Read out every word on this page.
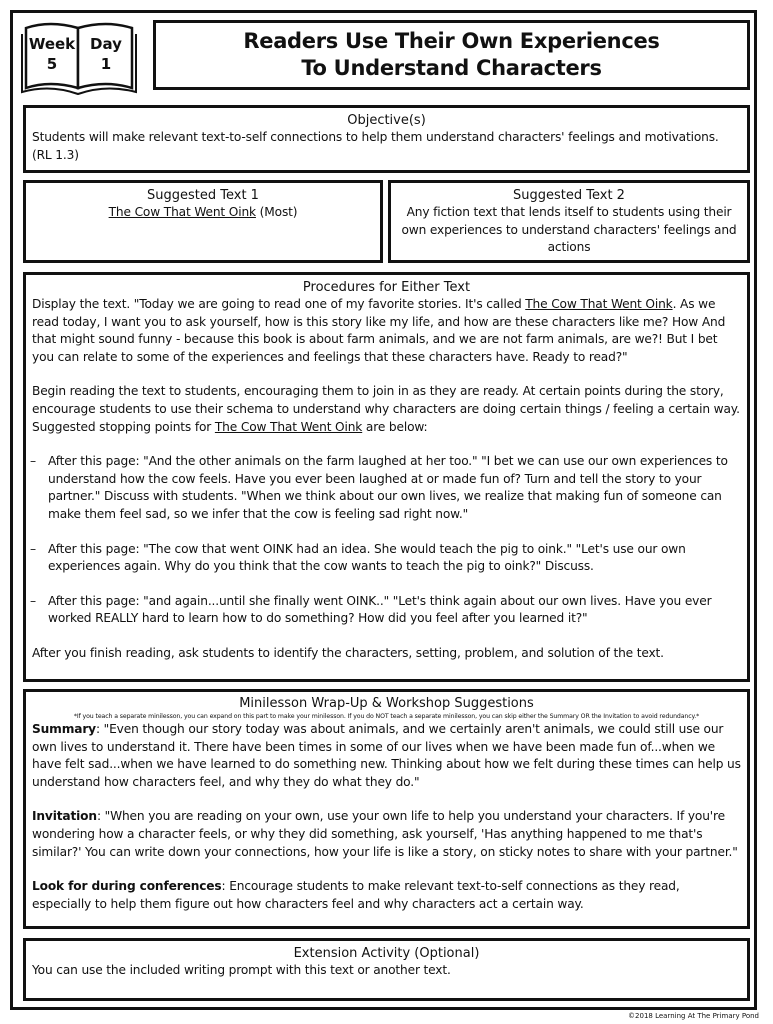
Week
5
Day
1
Readers Use Their Own Experiences
To Understand Characters
Objective(s)
Students will make relevant text-to-self connections to help them understand characters' feelings and motivations. (RL 1.3)
Suggested Text 1
The Cow That Went Oink (Most)
Suggested Text 2
Any fiction text that lends itself to students using their own experiences to understand characters' feelings and actions
Procedures for Either Text
Display the text. "Today we are going to read one of my favorite stories. It's called The Cow That Went Oink. As we read today, I want you to ask yourself, how is this story like my life, and how are these characters like me? How And that might sound funny - because this book is about farm animals, and we are not farm animals, are we?! But I bet you can relate to some of the experiences and feelings that these characters have. Ready to read?"
Begin reading the text to students, encouraging them to join in as they are ready. At certain points during the story, encourage students to use their schema to understand why characters are doing certain things / feeling a certain way. Suggested stopping points for The Cow That Went Oink are below:
– After this page: "And the other animals on the farm laughed at her too." "I bet we can use our own experiences to understand how the cow feels. Have you ever been laughed at or made fun of? Turn and tell the story to your partner." Discuss with students. "When we think about our own lives, we realize that making fun of someone can make them feel sad, so we infer that the cow is feeling sad right now."
– After this page: "The cow that went OINK had an idea. She would teach the pig to oink." "Let's use our own experiences again. Why do you think that the cow wants to teach the pig to oink?" Discuss.
– After this page: "and again...until she finally went OINK.." "Let's think again about our own lives. Have you ever worked REALLY hard to learn how to do something? How did you feel after you learned it?"
After you finish reading, ask students to identify the characters, setting, problem, and solution of the text.
Minilesson Wrap-Up & Workshop Suggestions
*If you teach a separate minilesson, you can expand on this part to make your minilesson. If you do NOT teach a separate minilesson, you can skip either the Summary OR the Invitation to avoid redundancy.*
Summary: "Even though our story today was about animals, and we certainly aren't animals, we could still use our own lives to understand it. There have been times in some of our lives when we have been made fun of...when we have felt sad...when we have learned to do something new. Thinking about how we felt during these times can help us understand how characters feel, and why they do what they do."
Invitation: "When you are reading on your own, use your own life to help you understand your characters. If you're wondering how a character feels, or why they did something, ask yourself, 'Has anything happened to me that's similar?' You can write down your connections, how your life is like a story, on sticky notes to share with your partner."
Look for during conferences: Encourage students to make relevant text-to-self connections as they read, especially to help them figure out how characters feel and why characters act a certain way.
Extension Activity (Optional)
You can use the included writing prompt with this text or another text.
©2018 Learning At The Primary Pond
